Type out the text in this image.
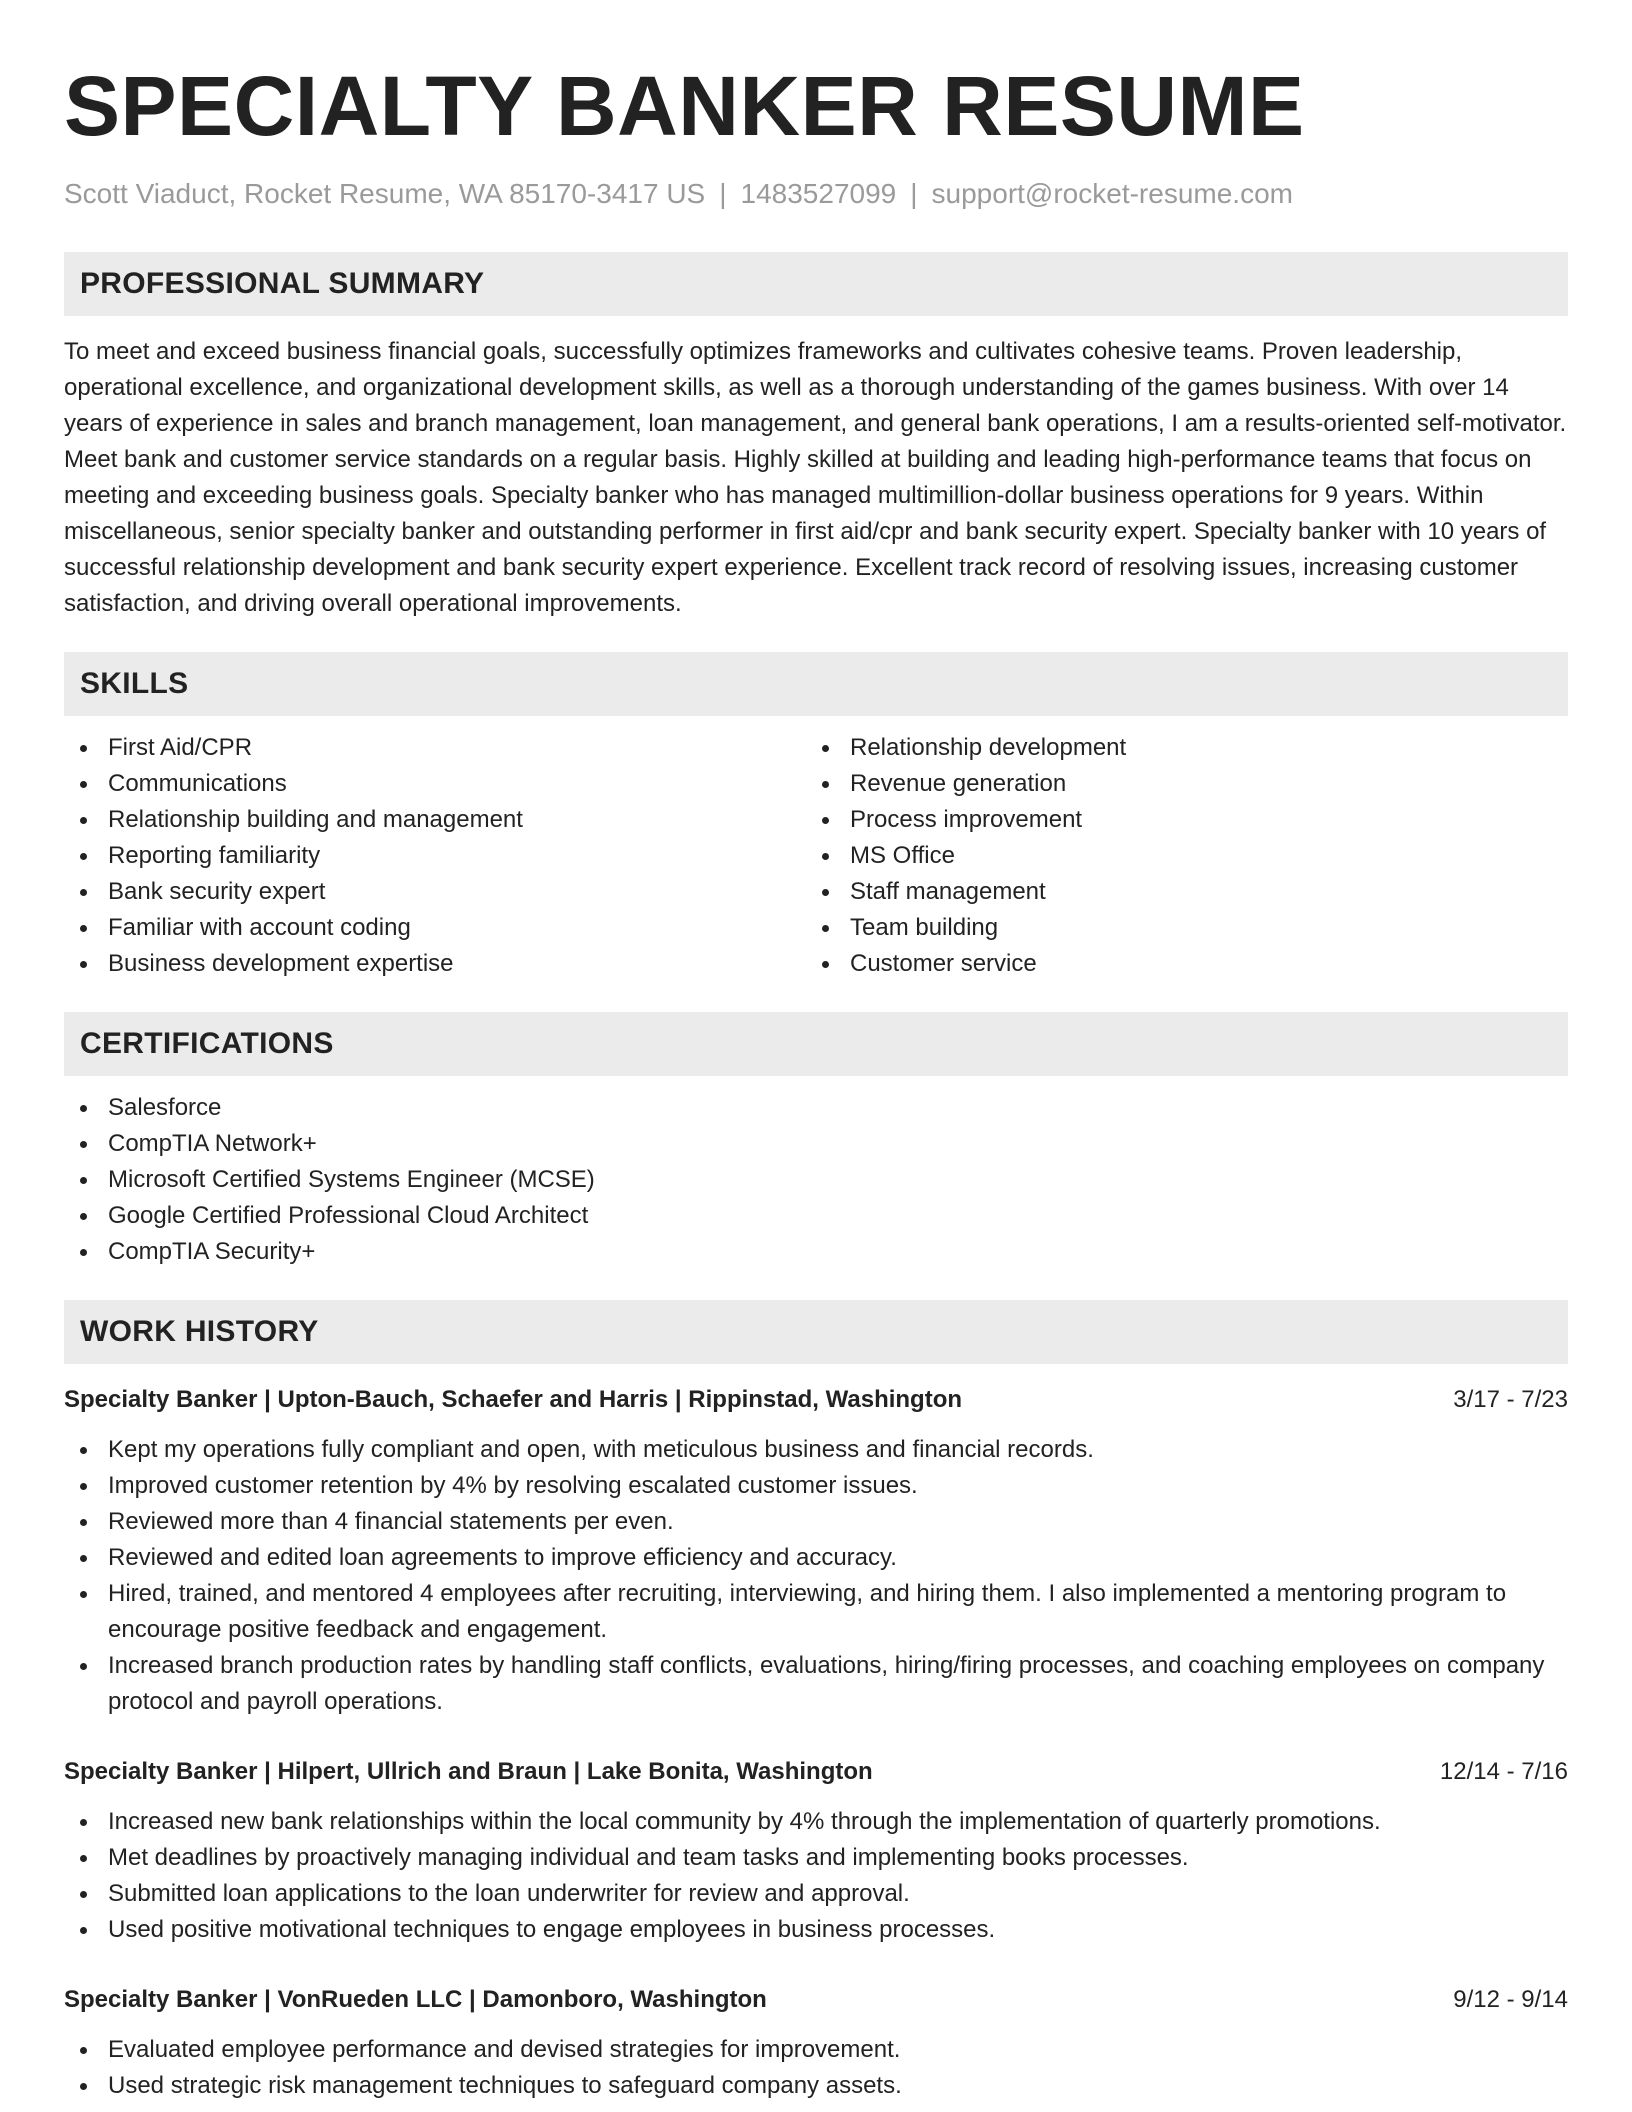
SPECIALTY BANKER RESUME
Scott Viaduct, Rocket Resume, WA 85170-3417 US | 1483527099 | support@rocket-resume.com
PROFESSIONAL SUMMARY

To meet and exceed business financial goals, successfully optimizes frameworks and cultivates cohesive teams. Proven leadership, operational excellence, and organizational development skills, as well as a thorough understanding of the games business. With over 14 years of experience in sales and branch management, loan management, and general bank operations, I am a results-oriented self-motivator. Meet bank and customer service standards on a regular basis. Highly skilled at building and leading high-performance teams that focus on meeting and exceeding business goals. Specialty banker who has managed multimillion-dollar business operations for 9 years. Within miscellaneous, senior specialty banker and outstanding performer in first aid/cpr and bank security expert. Specialty banker with 10 years of successful relationship development and bank security expert experience. Excellent track record of resolving issues, increasing customer satisfaction, and driving overall operational improvements.

SKILLS
First Aid/CPR
Communications
Relationship building and management
Reporting familiarity
Bank security expert
Familiar with account coding
Business development expertise
Relationship development
Revenue generation
Process improvement
MS Office
Staff management
Team building
Customer service
CERTIFICATIONS
Salesforce
CompTIA Network+
Microsoft Certified Systems Engineer (MCSE)
Google Certified Professional Cloud Architect
CompTIA Security+
WORK HISTORY
Specialty Banker | Upton-Bauch, Schaefer and Harris | Rippinstad, Washington	3/17 - 7/23
Kept my operations fully compliant and open, with meticulous business and financial records.
Improved customer retention by 4% by resolving escalated customer issues.
Reviewed more than 4 financial statements per even.
Reviewed and edited loan agreements to improve efficiency and accuracy.
Hired, trained, and mentored 4 employees after recruiting, interviewing, and hiring them. I also implemented a mentoring program to encourage positive feedback and engagement.
Increased branch production rates by handling staff conflicts, evaluations, hiring/firing processes, and coaching employees on company protocol and payroll operations.
Specialty Banker | Hilpert, Ullrich and Braun | Lake Bonita, Washington	12/14 - 7/16
Increased new bank relationships within the local community by 4% through the implementation of quarterly promotions.
Met deadlines by proactively managing individual and team tasks and implementing books processes.
Submitted loan applications to the loan underwriter for review and approval.
Used positive motivational techniques to engage employees in business processes.
Specialty Banker | VonRueden LLC | Damonboro, Washington	9/12 - 9/14
Evaluated employee performance and devised strategies for improvement.
Used strategic risk management techniques to safeguard company assets.
